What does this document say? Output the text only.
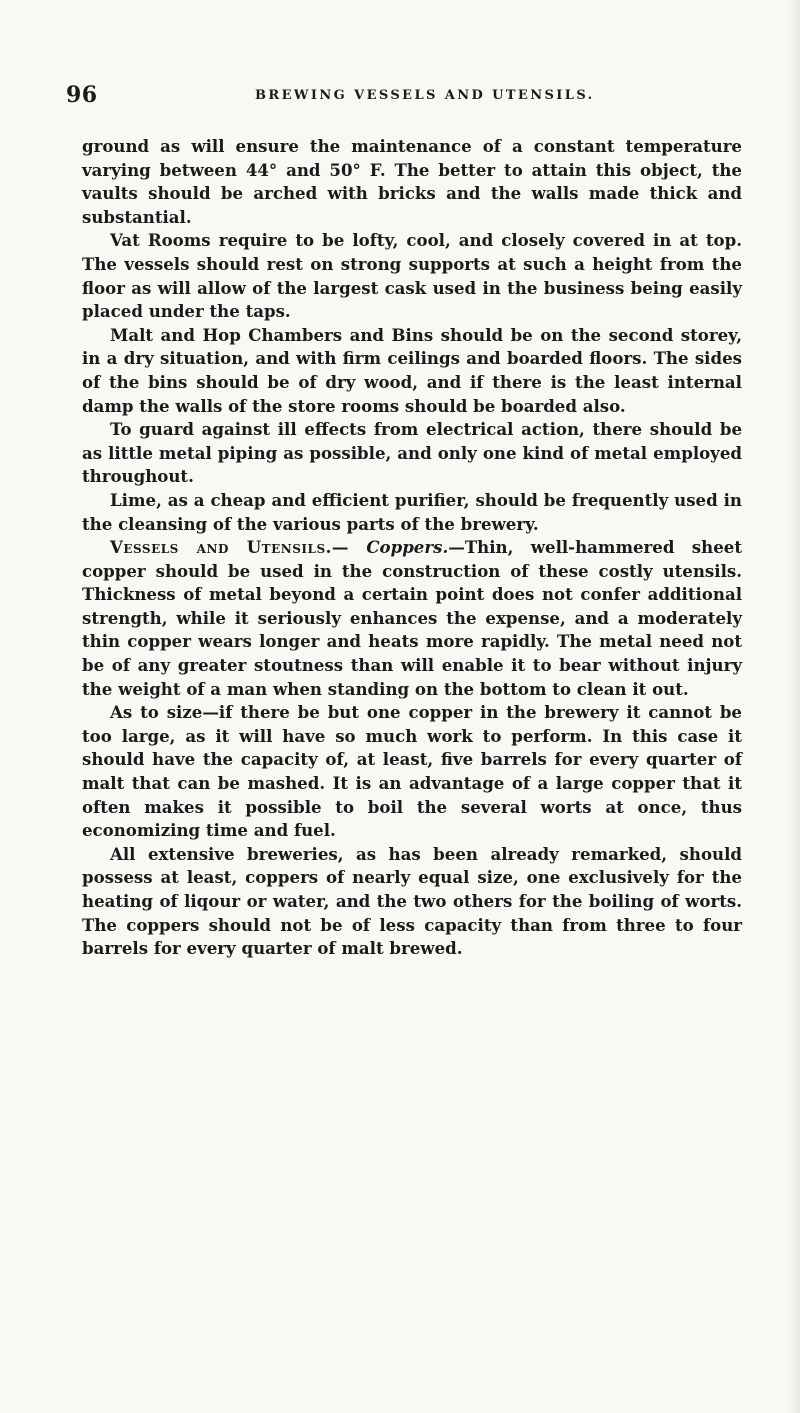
96	BREWING VESSELS AND UTENSILS.

ground as will ensure the maintenance of a constant temperature varying between 44° and 50° F. The better to attain this object, the vaults should be arched with bricks and the walls made thick and substantial.

Vat Rooms require to be lofty, cool, and closely covered in at top. The vessels should rest on strong supports at such a height from the floor as will allow of the largest cask used in the business being easily placed under the taps.

Malt and Hop Chambers and Bins should be on the second storey, in a dry situation, and with firm ceilings and boarded floors. The sides of the bins should be of dry wood, and if there is the least internal damp the walls of the store rooms should be boarded also.

To guard against ill effects from electrical action, there should be as little metal piping as possible, and only one kind of metal employed throughout.

Lime, as a cheap and efficient purifier, should be frequently used in the cleansing of the various parts of the brewery.

Vessels and Utensils.— Coppers.—Thin, well-hammered sheet copper should be used in the construction of these costly utensils. Thickness of metal beyond a certain point does not confer additional strength, while it seriously enhances the expense, and a moderately thin copper wears longer and heats more rapidly. The metal need not be of any greater stoutness than will enable it to bear without injury the weight of a man when standing on the bottom to clean it out.

As to size—if there be but one copper in the brewery it cannot be too large, as it will have so much work to perform. In this case it should have the capacity of, at least, five barrels for every quarter of malt that can be mashed. It is an advantage of a large copper that it often makes it possible to boil the several worts at once, thus economizing time and fuel.

All extensive breweries, as has been already remarked, should possess at least, coppers of nearly equal size, one exclusively for the heating of liqour or water, and the two others for the boiling of worts. The coppers should not be of less capacity than from three to four barrels for every quarter of malt brewed.
